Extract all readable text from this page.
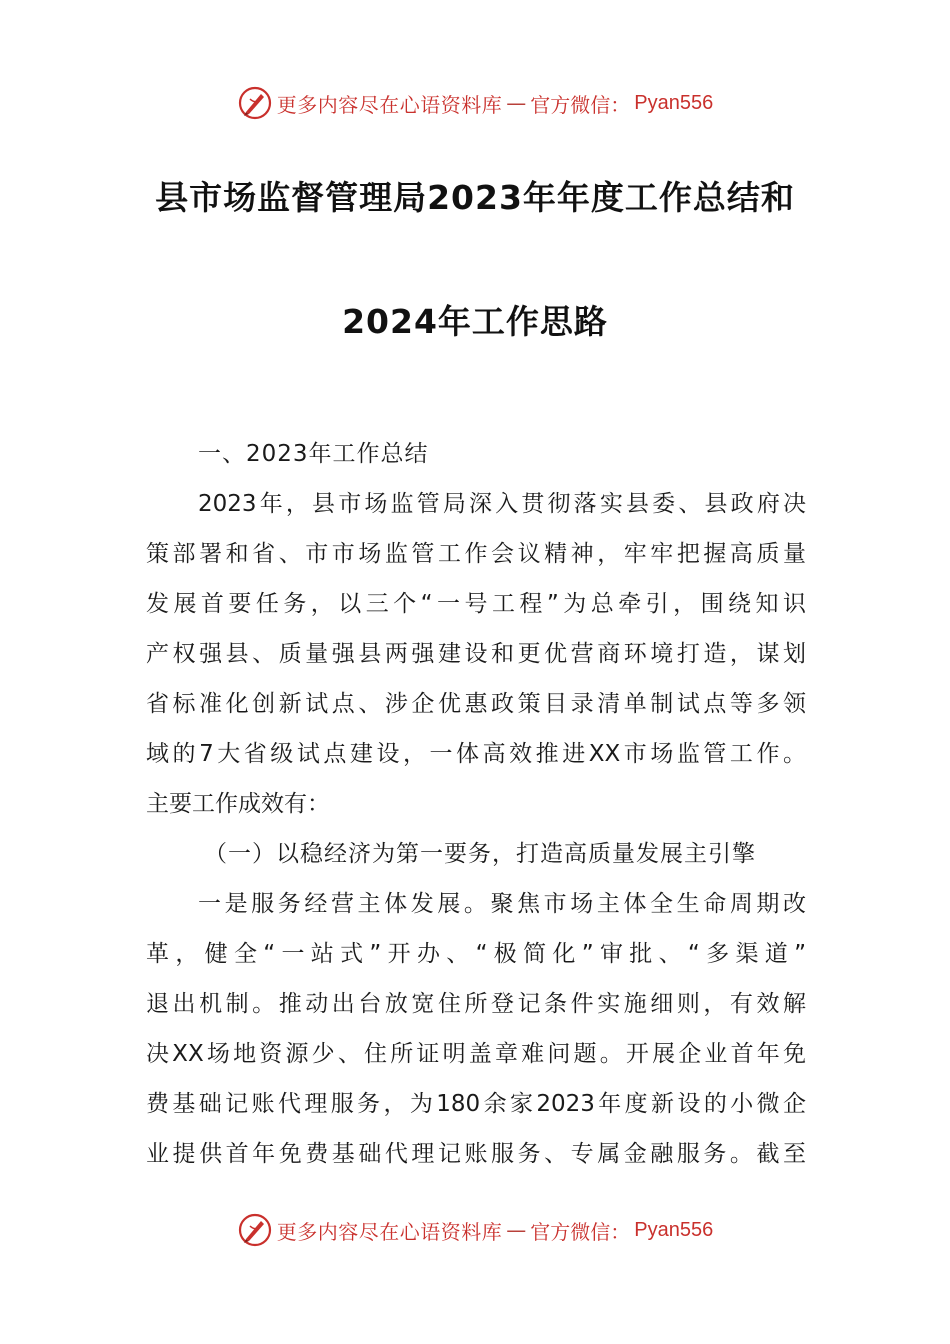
更多内容尽在心语资料库 — 官方微信： Pyan556
县市场监督管理局2023年年度工作总结和
2024年工作思路
一、2023年工作总结
2023年，县市场监管局深入贯彻落实县委、县政府决
策部署和省、市市场监管工作会议精神，牢牢把握高质量
发展首要任务，以三个“一号工程”为总牵引，围绕知识
产权强县、质量强县两强建设和更优营商环境打造，谋划
省标准化创新试点、涉企优惠政策目录清单制试点等多领
域的7大省级试点建设，一体高效推进XX市场监管工作。
主要工作成效有：
（一）以稳经济为第一要务，打造高质量发展主引擎
一是服务经营主体发展。聚焦市场主体全生命周期改
革，健全“一站式”开办、“极简化”审批、“多渠道”
退出机制。推动出台放宽住所登记条件实施细则，有效解
决XX场地资源少、住所证明盖章难问题。开展企业首年免
费基础记账代理服务，为180余家2023年度新设的小微企
业提供首年免费基础代理记账服务、专属金融服务。截至
更多内容尽在心语资料库 — 官方微信： Pyan556
